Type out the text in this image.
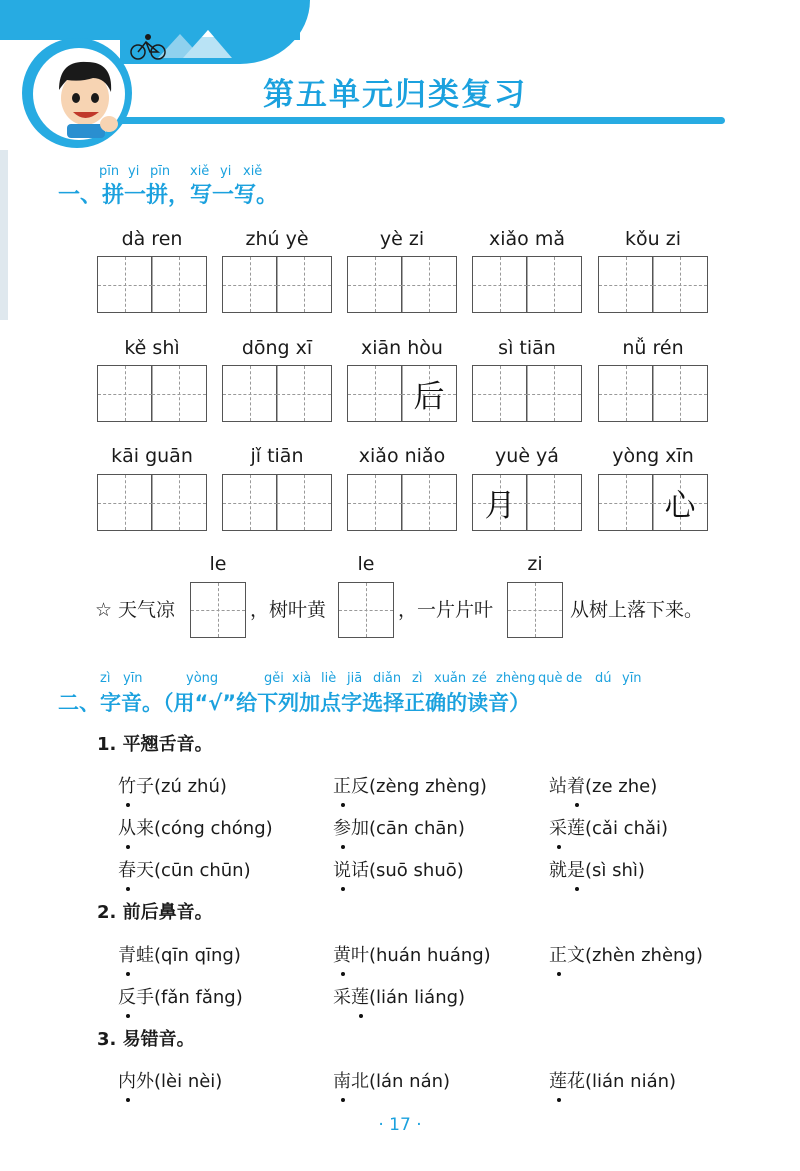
第五单元归类复习
pīn yi pīn xiě yi xiě
一、拼一拼，写一写。
dà ren	zhú yè	yè zi	xiǎo mǎ	kǒu zi
kě shì	dōng xī	xiān hòu	sì tiān	nǚ rén
后
kāi guān	jǐ tiān	xiǎo niǎo	yuè yá	yòng xīn
月	心
le	le	zi
☆ 天气凉	，树叶黄	，一片片叶	从树上落下来。
zì yīn	yòng	gěi xià liè jiā diǎn zì xuǎn zé zhèng què de dú yīn
二、字音。（用“√”给下列加点字选择正确的读音）
1. 平翘舌音。
竹子(zú zhú)	正反(zèng zhèng)	站着(ze zhe)
从来(cóng chóng)	参加(cān chān)	采莲(cǎi chǎi)
春天(cūn chūn)	说话(suō shuō)	就是(sì shì)
2. 前后鼻音。
青蛙(qīn qīng)	黄叶(huán huáng)	正文(zhèn zhèng)
反手(fǎn fǎng)	采莲(lián liáng)
3. 易错音。
内外(lèi nèi)	南北(lán nán)	莲花(lián nián)
· 17 ·
